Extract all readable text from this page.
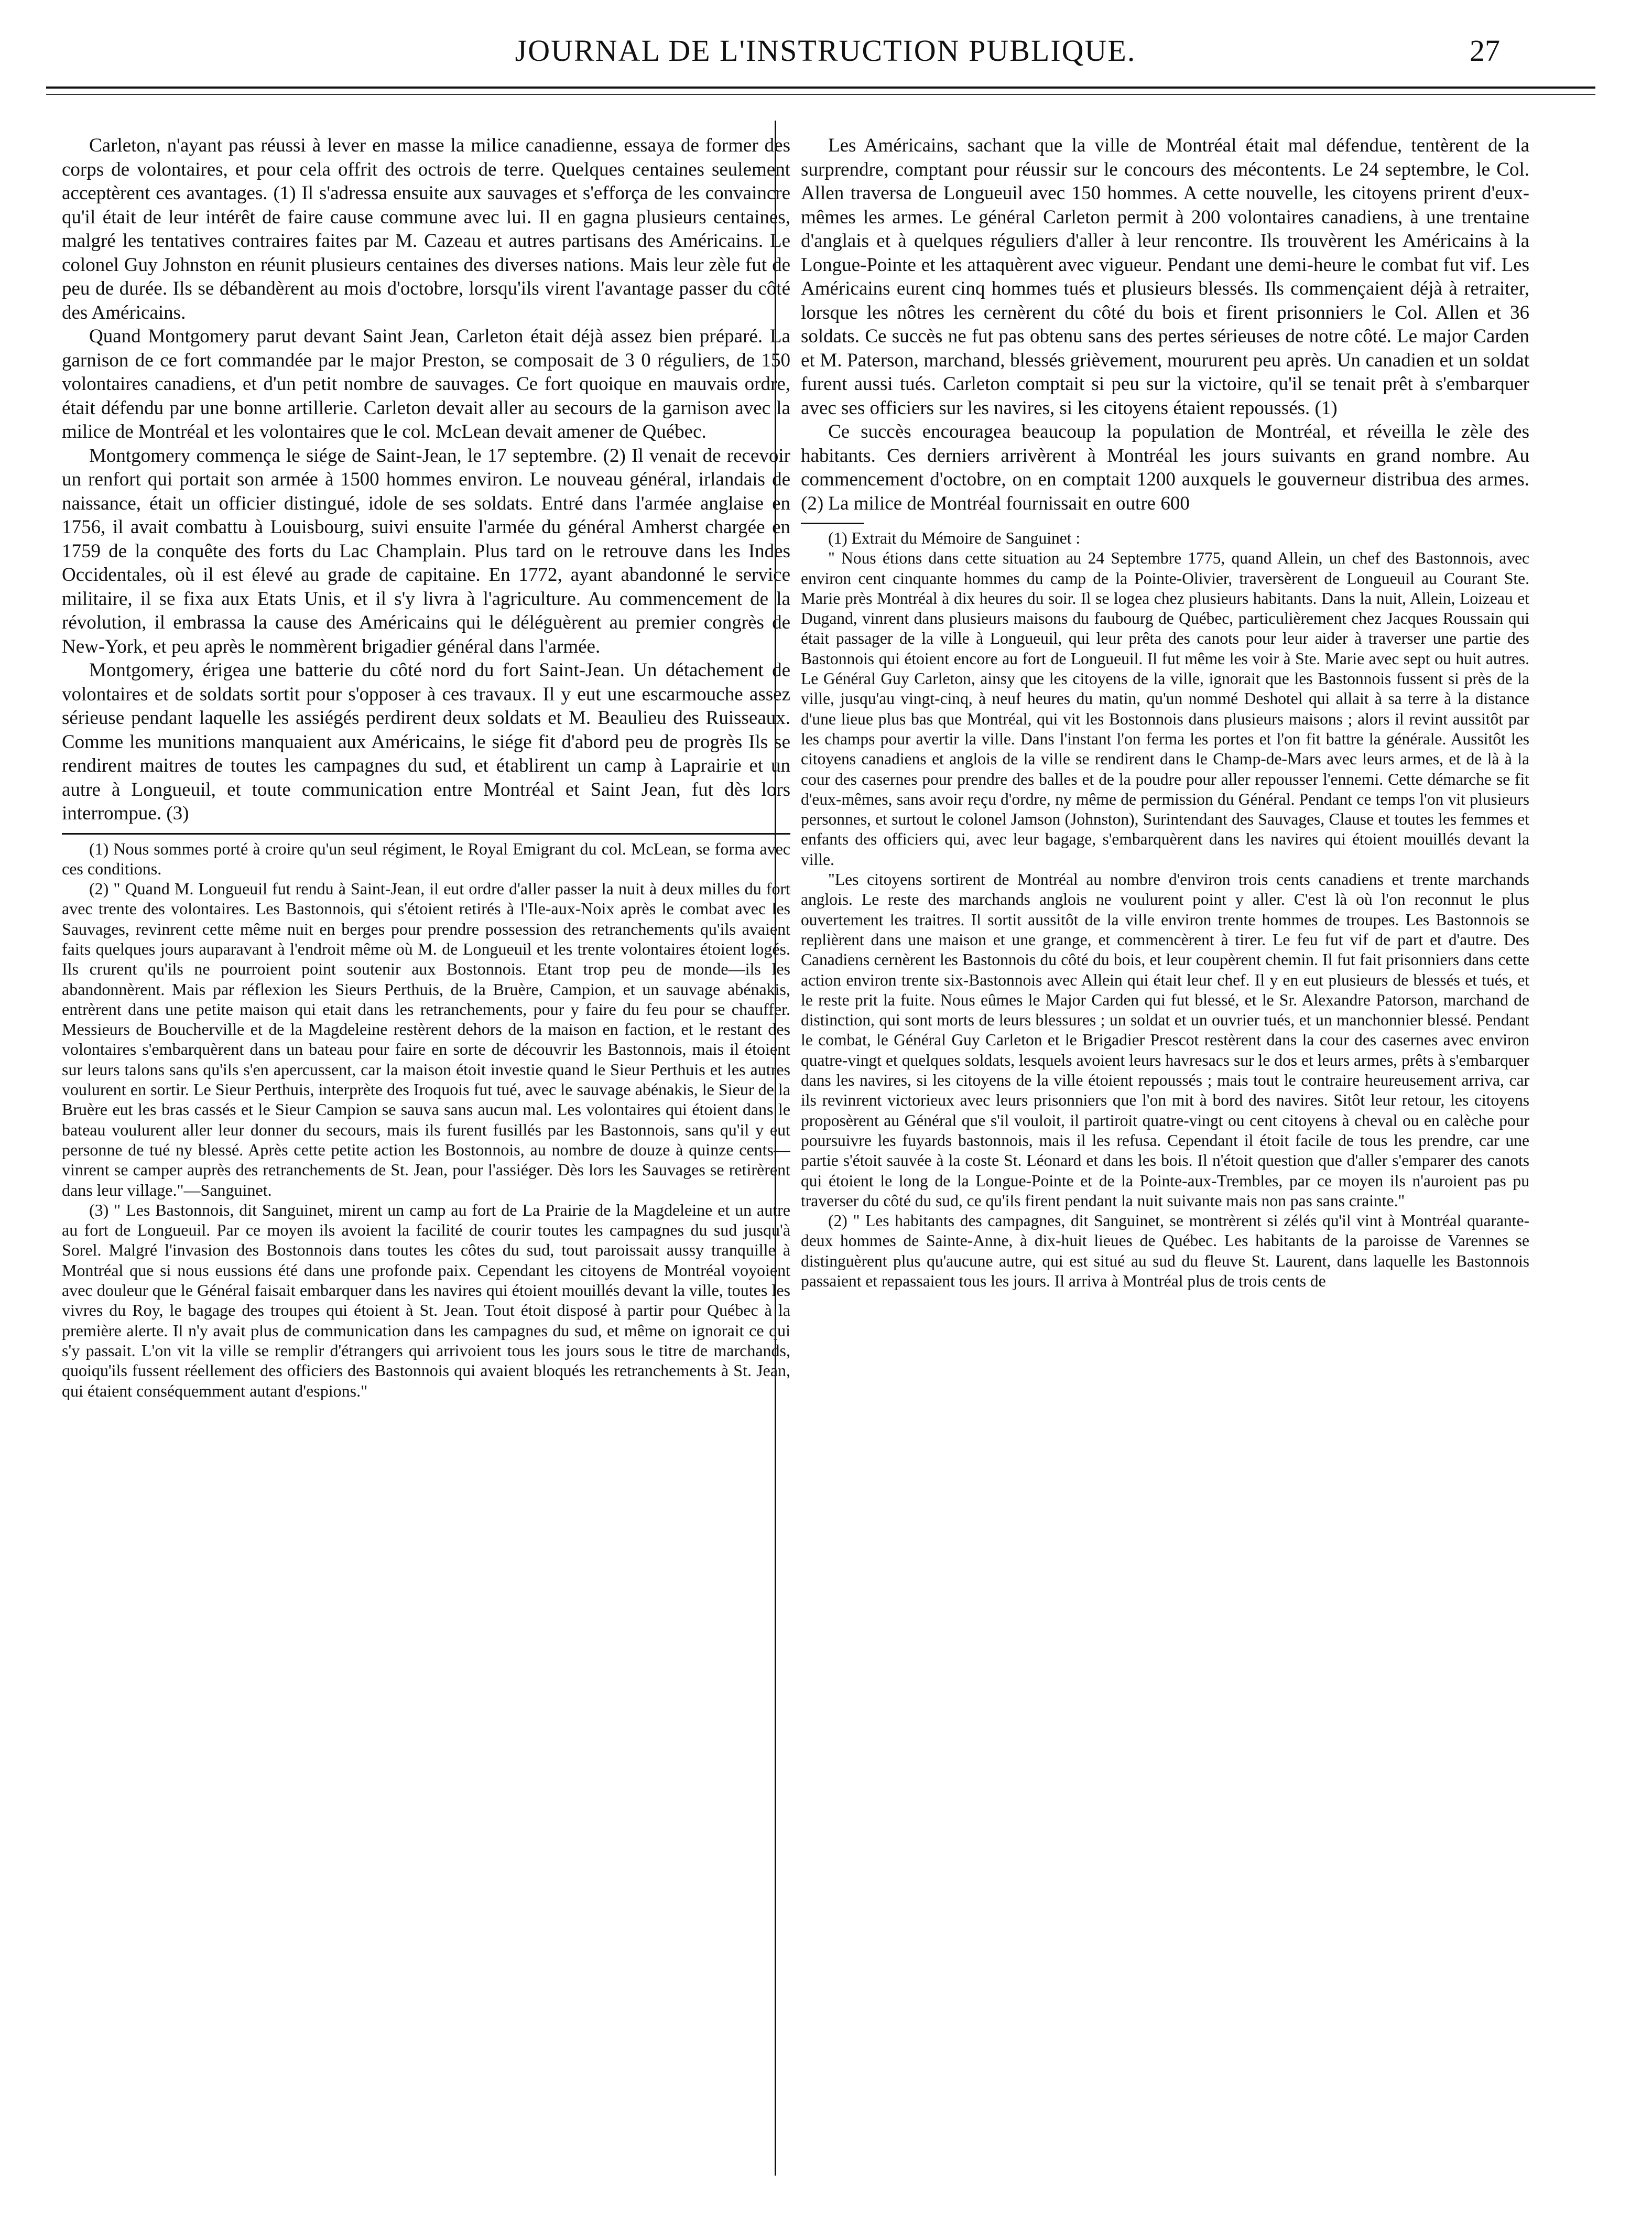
JOURNAL DE L'INSTRUCTION PUBLIQUE.	27

Carleton, n'ayant pas réussi à lever en masse la milice canadienne, essaya de former des corps de volontaires, et pour cela offrit des octrois de terre. Quelques centaines seulement acceptèrent ces avantages. (1) Il s'adressa ensuite aux sauvages et s'efforça de les convaincre qu'il était de leur intérêt de faire cause commune avec lui. Il en gagna plusieurs centaines, malgré les tentatives contraires faites par M. Cazeau et autres partisans des Américains. Le colonel Guy Johnston en réunit plusieurs centaines des diverses nations. Mais leur zèle fut de peu de durée. Ils se débandèrent au mois d'octobre, lorsqu'ils virent l'avantage passer du côté des Américains.

Quand Montgomery parut devant Saint Jean, Carleton était déjà assez bien préparé. La garnison de ce fort commandée par le major Preston, se composait de 3 0 réguliers, de 150 volontaires canadiens, et d'un petit nombre de sauvages. Ce fort quoique en mauvais ordre, était défendu par une bonne artillerie. Carleton devait aller au secours de la garnison avec la milice de Montréal et les volontaires que le col. McLean devait amener de Québec.

Montgomery commença le siége de Saint-Jean, le 17 septembre. (2) Il venait de recevoir un renfort qui portait son armée à 1500 hommes environ. Le nouveau général, irlandais de naissance, était un officier distingué, idole de ses soldats. Entré dans l'armée anglaise en 1756, il avait combattu à Louisbourg, suivi ensuite l'armée du général Amherst chargée en 1759 de la conquête des forts du Lac Champlain. Plus tard on le retrouve dans les Indes Occidentales, où il est élevé au grade de capitaine. En 1772, ayant abandonné le service militaire, il se fixa aux Etats Unis, et il s'y livra à l'agriculture. Au commencement de la révolution, il embrassa la cause des Américains qui le déléguèrent au premier congrès de New-York, et peu après le nommèrent brigadier général dans l'armée.

Montgomery, érigea une batterie du côté nord du fort Saint-Jean. Un détachement de volontaires et de soldats sortit pour s'opposer à ces travaux. Il y eut une escarmouche assez sérieuse pendant laquelle les assiégés perdirent deux soldats et M. Beaulieu des Ruisseaux. Comme les munitions manquaient aux Américains, le siége fit d'abord peu de progrès Ils se rendirent maitres de toutes les campagnes du sud, et établirent un camp à Laprairie et un autre à Longueuil, et toute communication entre Montréal et Saint Jean, fut dès lors interrompue. (3)

(1) Nous sommes porté à croire qu'un seul régiment, le Royal Emigrant du col. McLean, se forma avec ces conditions.

(2) " Quand M. Longueuil fut rendu à Saint-Jean, il eut ordre d'aller passer la nuit à deux milles du fort avec trente des volontaires. Les Bastonnois, qui s'étoient retirés à l'Ile-aux-Noix après le combat avec les Sauvages, revinrent cette même nuit en berges pour prendre possession des retranchements qu'ils avaient faits quelques jours auparavant à l'endroit même où M. de Longueuil et les trente volontaires étoient logés. Ils crurent qu'ils ne pourroient point soutenir aux Bostonnois. Etant trop peu de monde—ils les abandonnèrent. Mais par réflexion les Sieurs Perthuis, de la Bruère, Campion, et un sauvage abénakis, entrèrent dans une petite maison qui etait dans les retranchements, pour y faire du feu pour se chauffer. Messieurs de Boucherville et de la Magdeleine restèrent dehors de la maison en faction, et le restant des volontaires s'embarquèrent dans un bateau pour faire en sorte de découvrir les Bastonnois, mais il étoient sur leurs talons sans qu'ils s'en apercussent, car la maison étoit investie quand le Sieur Perthuis et les autres voulurent en sortir. Le Sieur Perthuis, interprète des Iroquois fut tué, avec le sauvage abénakis, le Sieur de la Bruère eut les bras cassés et le Sieur Campion se sauva sans aucun mal. Les volontaires qui étoient dans le bateau voulurent aller leur donner du secours, mais ils furent fusillés par les Bastonnois, sans qu'il y eut personne de tué ny blessé. Après cette petite action les Bostonnois, au nombre de douze à quinze cents—vinrent se camper auprès des retranchements de St. Jean, pour l'assiéger. Dès lors les Sauvages se retirèrent dans leur village."—Sanguinet.

(3) " Les Bastonnois, dit Sanguinet, mirent un camp au fort de La Prairie de la Magdeleine et un autre au fort de Longueuil. Par ce moyen ils avoient la facilité de courir toutes les campagnes du sud jusqu'à Sorel. Malgré l'invasion des Bostonnois dans toutes les côtes du sud, tout paroissait aussy tranquille à Montréal que si nous eussions été dans une profonde paix. Cependant les citoyens de Montréal voyoient avec douleur que le Général faisait embarquer dans les navires qui étoient mouillés devant la ville, toutes les vivres du Roy, le bagage des troupes qui étoient à St. Jean. Tout étoit disposé à partir pour Québec à la première alerte. Il n'y avait plus de communication dans les campagnes du sud, et même on ignorait ce qui s'y passait. L'on vit la ville se remplir d'étrangers qui arrivoient tous les jours sous le titre de marchands, quoiqu'ils fussent réellement des officiers des Bastonnois qui avaient bloqués les retranchements à St. Jean, qui étaient conséquemment autant d'espions."

Les Américains, sachant que la ville de Montréal était mal défendue, tentèrent de la surprendre, comptant pour réussir sur le concours des mécontents. Le 24 septembre, le Col. Allen traversa de Longueuil avec 150 hommes. A cette nouvelle, les citoyens prirent d'eux-mêmes les armes. Le général Carleton permit à 200 volontaires canadiens, à une trentaine d'anglais et à quelques réguliers d'aller à leur rencontre. Ils trouvèrent les Américains à la Longue-Pointe et les attaquèrent avec vigueur. Pendant une demi-heure le combat fut vif. Les Américains eurent cinq hommes tués et plusieurs blessés. Ils commençaient déjà à retraiter, lorsque les nôtres les cernèrent du côté du bois et firent prisonniers le Col. Allen et 36 soldats. Ce succès ne fut pas obtenu sans des pertes sérieuses de notre côté. Le major Carden et M. Paterson, marchand, blessés grièvement, moururent peu après. Un canadien et un soldat furent aussi tués. Carleton comptait si peu sur la victoire, qu'il se tenait prêt à s'embarquer avec ses officiers sur les navires, si les citoyens étaient repoussés. (1)

Ce succès encouragea beaucoup la population de Montréal, et réveilla le zèle des habitants. Ces derniers arrivèrent à Montréal les jours suivants en grand nombre. Au commencement d'octobre, on en comptait 1200 auxquels le gouverneur distribua des armes. (2) La milice de Montréal fournissait en outre 600

(1) Extrait du Mémoire de Sanguinet :

" Nous étions dans cette situation au 24 Septembre 1775, quand Allein, un chef des Bastonnois, avec environ cent cinquante hommes du camp de la Pointe-Olivier, traversèrent de Longueuil au Courant Ste. Marie près Montréal à dix heures du soir. Il se logea chez plusieurs habitants. Dans la nuit, Allein, Loizeau et Dugand, vinrent dans plusieurs maisons du faubourg de Québec, particulièrement chez Jacques Roussain qui était passager de la ville à Longueuil, qui leur prêta des canots pour leur aider à traverser une partie des Bastonnois qui étoient encore au fort de Longueuil. Il fut même les voir à Ste. Marie avec sept ou huit autres. Le Général Guy Carleton, ainsy que les citoyens de la ville, ignorait que les Bastonnois fussent si près de la ville, jusqu'au vingt-cinq, à neuf heures du matin, qu'un nommé Deshotel qui allait à sa terre à la distance d'une lieue plus bas que Montréal, qui vit les Bostonnois dans plusieurs maisons ; alors il revint aussitôt par les champs pour avertir la ville. Dans l'instant l'on ferma les portes et l'on fit battre la générale. Aussitôt les citoyens canadiens et anglois de la ville se rendirent dans le Champ-de-Mars avec leurs armes, et de là à la cour des casernes pour prendre des balles et de la poudre pour aller repousser l'ennemi. Cette démarche se fit d'eux-mêmes, sans avoir reçu d'ordre, ny même de permission du Général. Pendant ce temps l'on vit plusieurs personnes, et surtout le colonel Jamson (Johnston), Surintendant des Sauvages, Clause et toutes les femmes et enfants des officiers qui, avec leur bagage, s'embarquèrent dans les navires qui étoient mouillés devant la ville.

"Les citoyens sortirent de Montréal au nombre d'environ trois cents canadiens et trente marchands anglois. Le reste des marchands anglois ne voulurent point y aller. C'est là où l'on reconnut le plus ouvertement les traitres. Il sortit aussitôt de la ville environ trente hommes de troupes. Les Bastonnois se replièrent dans une maison et une grange, et commencèrent à tirer. Le feu fut vif de part et d'autre. Des Canadiens cernèrent les Bastonnois du côté du bois, et leur coupèrent chemin. Il fut fait prisonniers dans cette action environ trente six-Bastonnois avec Allein qui était leur chef. Il y en eut plusieurs de blessés et tués, et le reste prit la fuite. Nous eûmes le Major Carden qui fut blessé, et le Sr. Alexandre Patorson, marchand de distinction, qui sont morts de leurs blessures ; un soldat et un ouvrier tués, et un manchonnier blessé. Pendant le combat, le Général Guy Carleton et le Brigadier Prescot restèrent dans la cour des casernes avec environ quatre-vingt et quelques soldats, lesquels avoient leurs havresacs sur le dos et leurs armes, prêts à s'embarquer dans les navires, si les citoyens de la ville étoient repoussés ; mais tout le contraire heureusement arriva, car ils revinrent victorieux avec leurs prisonniers que l'on mit à bord des navires. Sitôt leur retour, les citoyens proposèrent au Général que s'il vouloit, il partiroit quatre-vingt ou cent citoyens à cheval ou en calèche pour poursuivre les fuyards bastonnois, mais il les refusa. Cependant il étoit facile de tous les prendre, car une partie s'étoit sauvée à la coste St. Léonard et dans les bois. Il n'étoit question que d'aller s'emparer des canots qui étoient le long de la Longue-Pointe et de la Pointe-aux-Trembles, par ce moyen ils n'auroient pas pu traverser du côté du sud, ce qu'ils firent pendant la nuit suivante mais non pas sans crainte."

(2) " Les habitants des campagnes, dit Sanguinet, se montrèrent si zélés qu'il vint à Montréal quarante-deux hommes de Sainte-Anne, à dix-huit lieues de Québec. Les habitants de la paroisse de Varennes se distinguèrent plus qu'aucune autre, qui est situé au sud du fleuve St. Laurent, dans laquelle les Bastonnois passaient et repassaient tous les jours. Il arriva à Montréal plus de trois cents de
